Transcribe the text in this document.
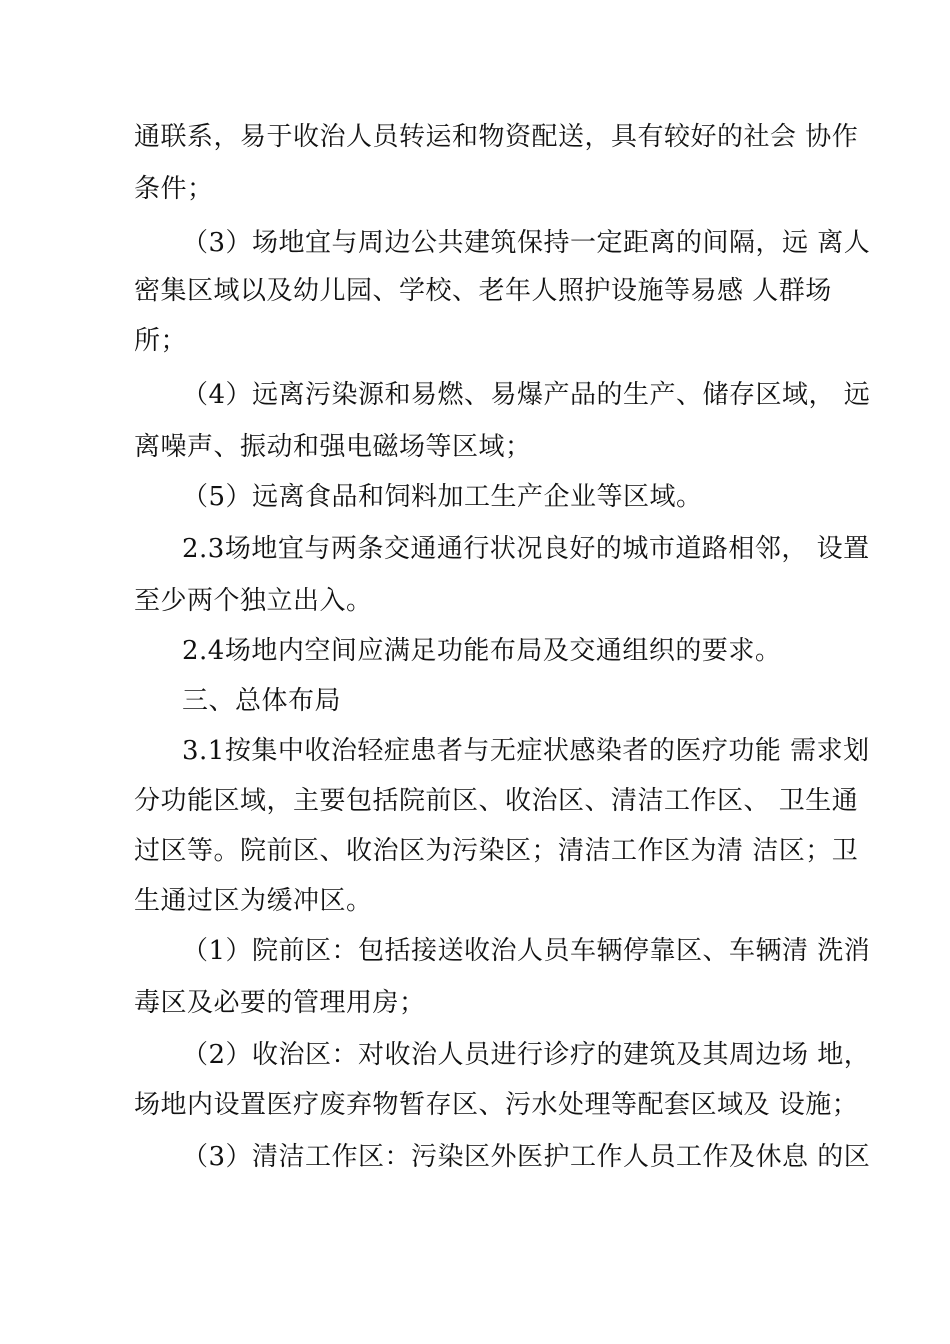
通联系，易于收治人员转运和物资配送，具有较好的社会 协作
条件；
（3）场地宜与周边公共建筑保持一定距离的间隔，远 离人
密集区域以及幼儿园、学校、老年人照护设施等易感 人群场
所；
（4）远离污染源和易燃、易爆产品的生产、储存区域， 远
离噪声、振动和强电磁场等区域；
（5）远离食品和饲料加工生产企业等区域。
2.3场地宜与两条交通通行状况良好的城市道路相邻， 设置
至少两个独立出入。
2.4场地内空间应满足功能布局及交通组织的要求。
三、总体布局
3.1按集中收治轻症患者与无症状感染者的医疗功能 需求划
分功能区域，主要包括院前区、收治区、清洁工作区、 卫生通
过区等。院前区、收治区为污染区；清洁工作区为清 洁区；卫
生通过区为缓冲区。
（1）院前区：包括接送收治人员车辆停靠区、车辆清 洗消
毒区及必要的管理用房；
（2）收治区：对收治人员进行诊疗的建筑及其周边场 地，
场地内设置医疗废弃物暂存区、污水处理等配套区域及 设施；
（3）清洁工作区：污染区外医护工作人员工作及休息 的区
